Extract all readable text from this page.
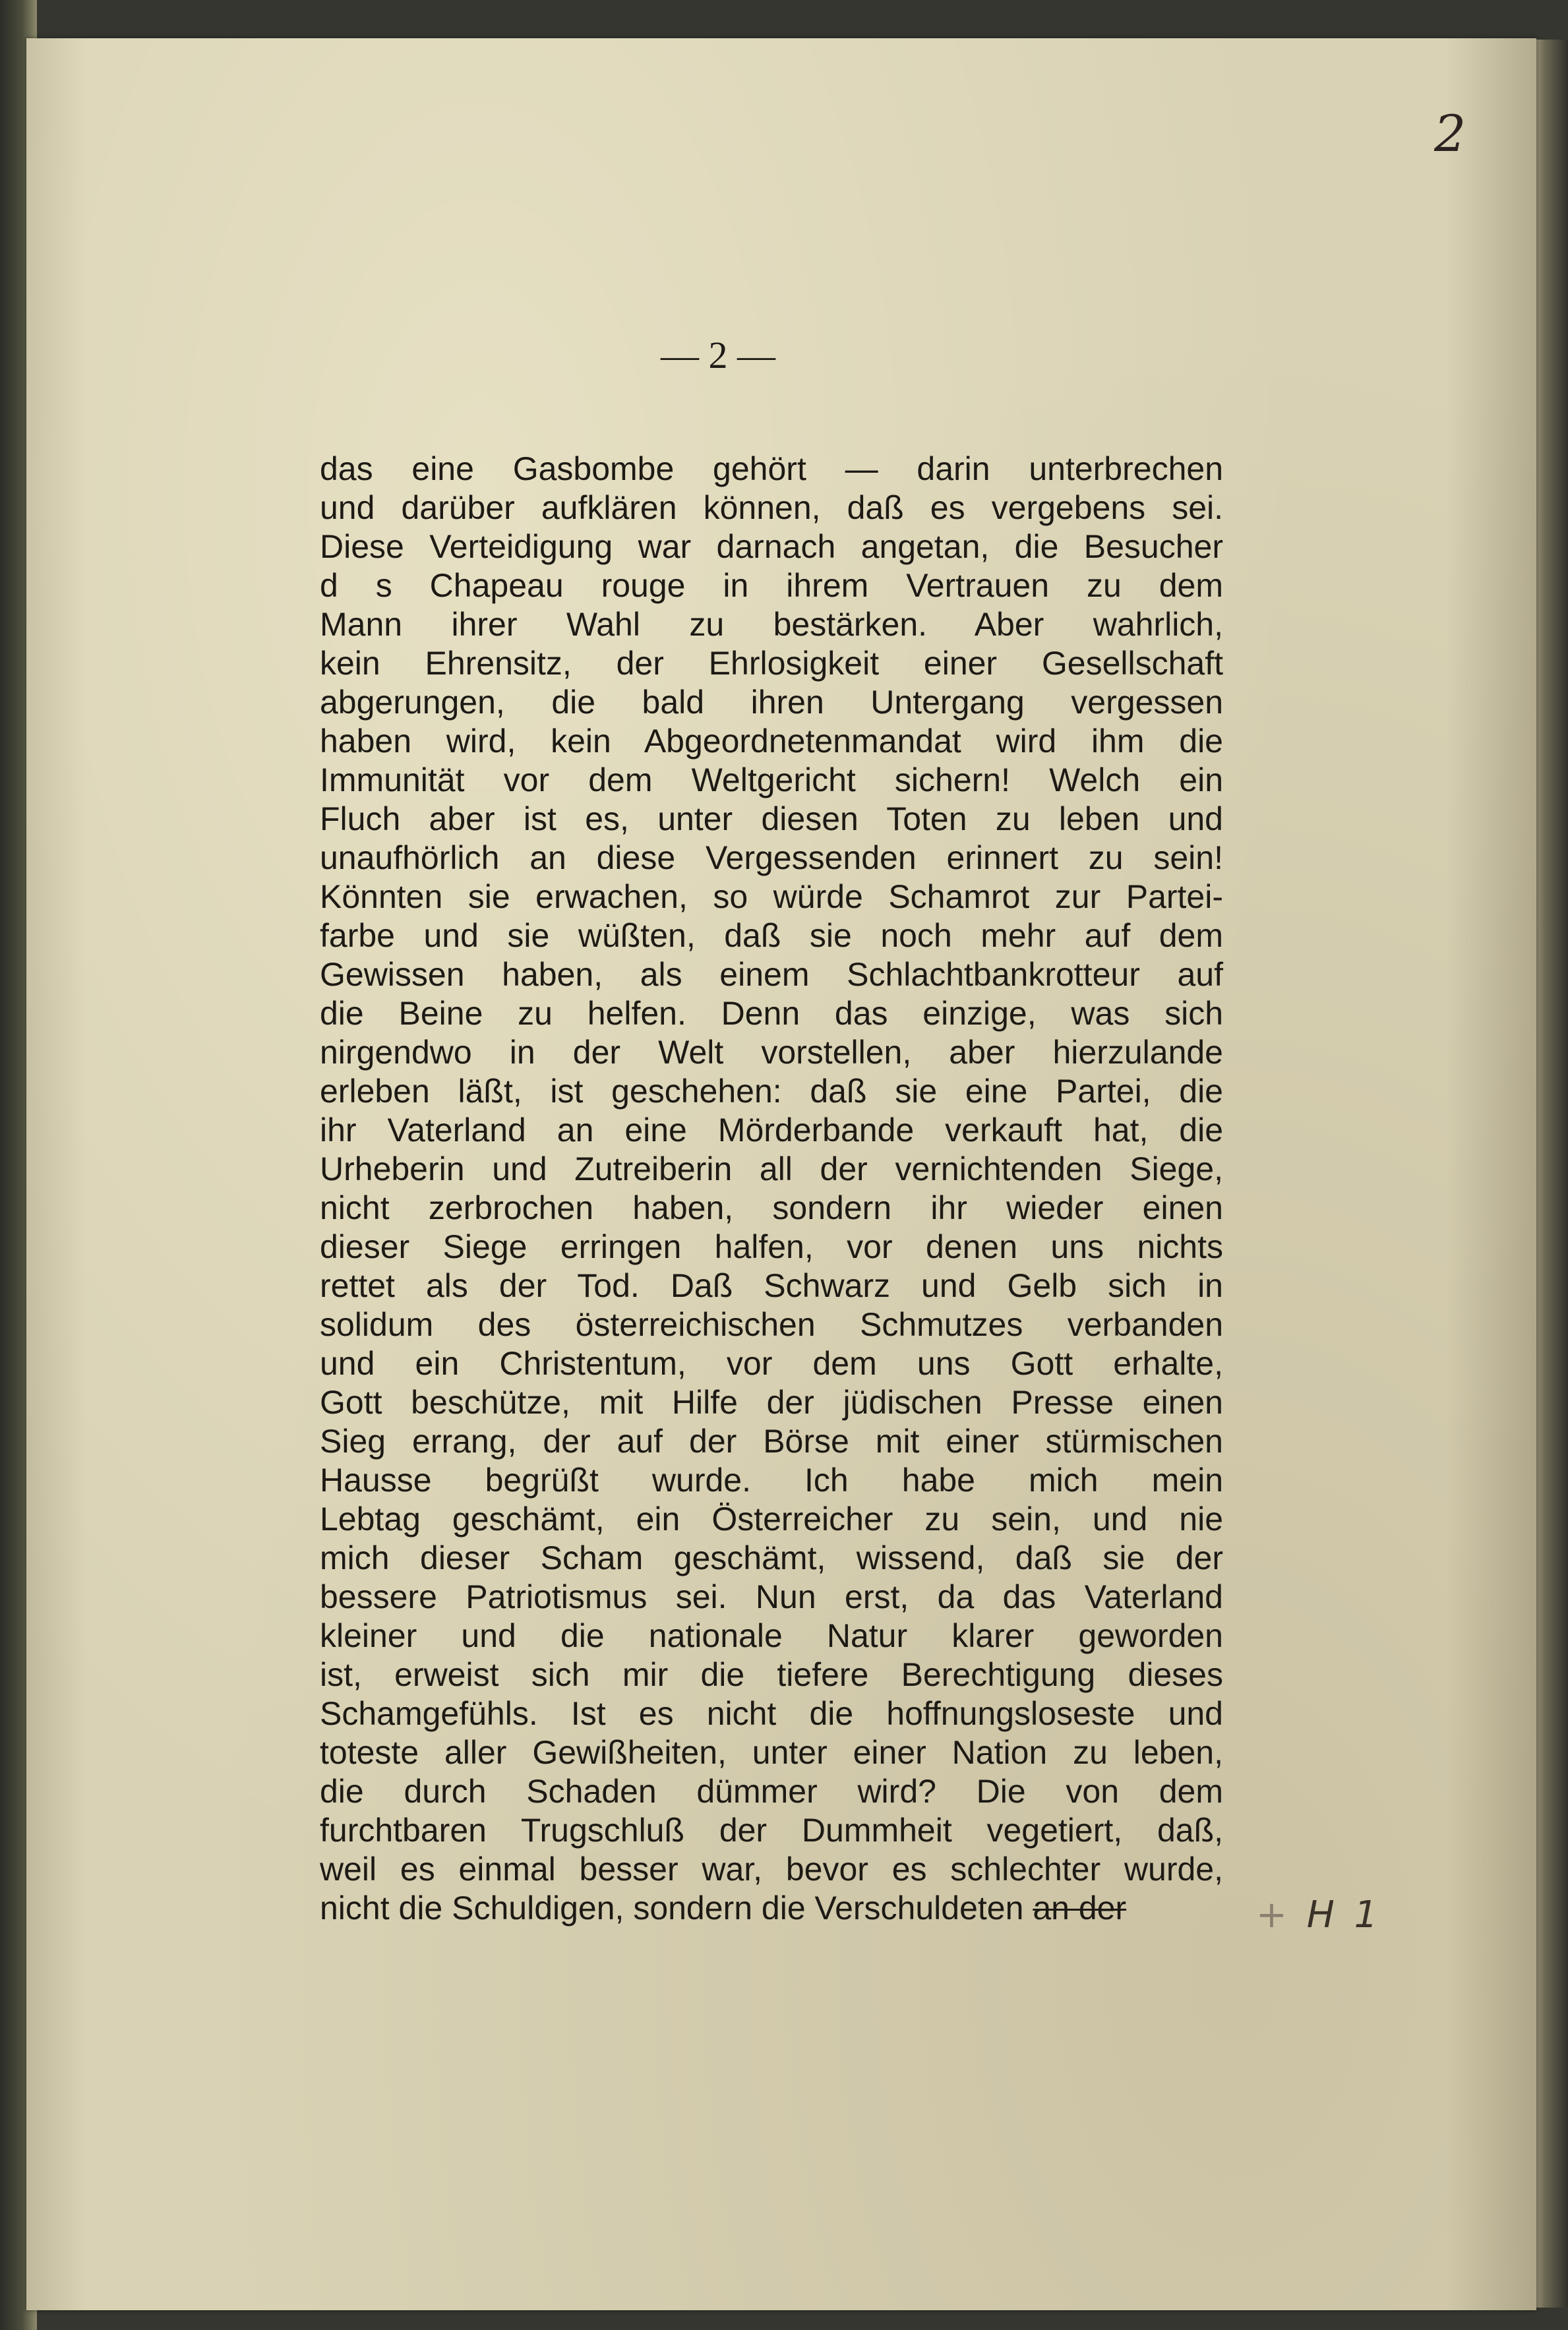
2
— 2 —
das eine Gasbombe gehört — darin unterbrechen
und darüber aufklären können, daß es vergebens sei.
Diese Verteidigung war darnach angetan, die Besucher
d s Chapeau rouge in ihrem Vertrauen zu dem
Mann ihrer Wahl zu bestärken. Aber wahrlich,
kein Ehrensitz, der Ehrlosigkeit einer Gesellschaft
abgerungen, die bald ihren Untergang vergessen
haben wird, kein Abgeordnetenmandat wird ihm die
Immunität vor dem Weltgericht sichern! Welch ein
Fluch aber ist es, unter diesen Toten zu leben und
unaufhörlich an diese Vergessenden erinnert zu sein!
Könnten sie erwachen, so würde Schamrot zur Partei-
farbe und sie wüßten, daß sie noch mehr auf dem
Gewissen haben, als einem Schlachtbankrotteur auf
die Beine zu helfen. Denn das einzige, was sich
nirgendwo in der Welt vorstellen, aber hierzulande
erleben läßt, ist geschehen: daß sie eine Partei, die
ihr Vaterland an eine Mörderbande verkauft hat, die
Urheberin und Zutreiberin all der vernichtenden Siege,
nicht zerbrochen haben, sondern ihr wieder einen
dieser Siege erringen halfen, vor denen uns nichts
rettet als der Tod. Daß Schwarz und Gelb sich in
solidum des österreichischen Schmutzes verbanden
und ein Christentum, vor dem uns Gott erhalte,
Gott beschütze, mit Hilfe der jüdischen Presse einen
Sieg errang, der auf der Börse mit einer stürmischen
Hausse begrüßt wurde. Ich habe mich mein
Lebtag geschämt, ein Österreicher zu sein, und nie
mich dieser Scham geschämt, wissend, daß sie der
bessere Patriotismus sei. Nun erst, da das Vaterland
kleiner und die nationale Natur klarer geworden
ist, erweist sich mir die tiefere Berechtigung dieses
Schamgefühls. Ist es nicht die hoffnungsloseste und
toteste aller Gewißheiten, unter einer Nation zu leben,
die durch Schaden dümmer wird? Die von dem
furchtbaren Trugschluß der Dummheit vegetiert, daß,
weil es einmal besser war, bevor es schlechter wurde,
nicht die Schuldigen, sondern die Verschuldeten an der	+ H 1
